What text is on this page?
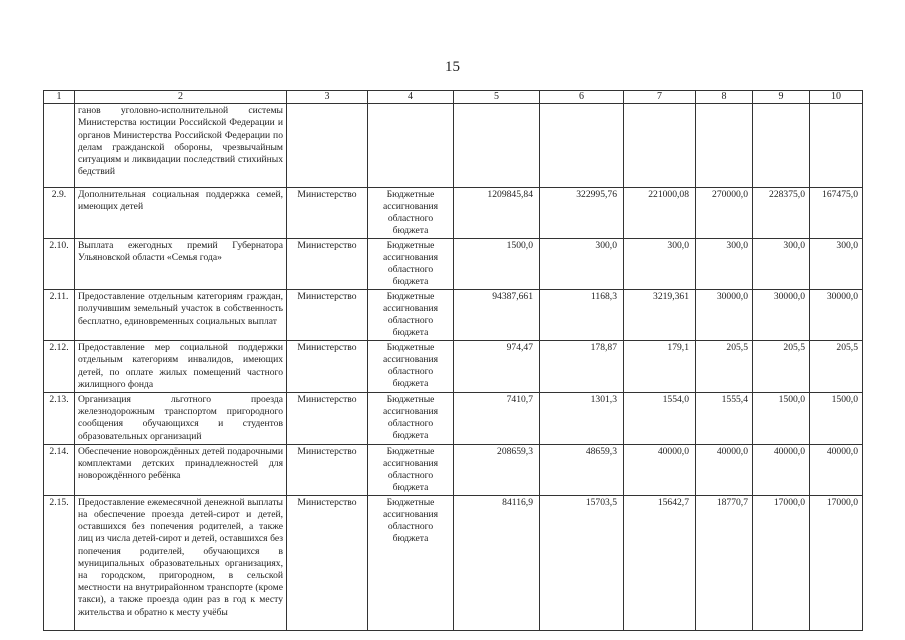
15
1	2	3	4	5	6	7	8	9	10
	ганов уголовно-исполнительной системы Министерства юстиции Российской Федерации и органов Министерства Российской Федерации по делам гражданской обороны, чрезвычайным ситуациям и ликвидации последствий стихийных бедствий								
2.9.	Дополнительная социальная поддержка семей, имеющих детей	Министерство	Бюджетные ассигнования областного бюджета	1209845,84	322995,76	221000,08	270000,0	228375,0	167475,0
2.10.	Выплата ежегодных премий Губернатора Ульяновской области «Семья года»	Министерство	Бюджетные ассигнования областного бюджета	1500,0	300,0	300,0	300,0	300,0	300,0
2.11.	Предоставление отдельным категориям граждан, получившим земельный участок в собственность бесплатно, единовременных социальных выплат	Министерство	Бюджетные ассигнования областного бюджета	94387,661	1168,3	3219,361	30000,0	30000,0	30000,0
2.12.	Предоставление мер социальной поддержки отдельным категориям инвалидов, имеющих детей, по оплате жилых помещений частного жилищного фонда	Министерство	Бюджетные ассигнования областного бюджета	974,47	178,87	179,1	205,5	205,5	205,5
2.13.	Организация льготного проезда железнодорожным транспортом пригородного сообщения обучающихся и студентов образовательных организаций	Министерство	Бюджетные ассигнования областного бюджета	7410,7	1301,3	1554,0	1555,4	1500,0	1500,0
2.14.	Обеспечение новорождённых детей подарочными комплектами детских принадлежностей для новорождённого ребёнка	Министерство	Бюджетные ассигнования областного бюджета	208659,3	48659,3	40000,0	40000,0	40000,0	40000,0
2.15.	Предоставление ежемесячной денежной выплаты на обеспечение проезда детей-сирот и детей, оставшихся без попечения родителей, а также лиц из числа детей-сирот и детей, оставшихся без попечения родителей, обучающихся в муниципальных образовательных организациях, на городском, пригородном, в сельской местности на внутрирайонном транспорте (кроме такси), а также проезда один раз в год к месту жительства и обратно к месту учёбы	Министерство	Бюджетные ассигнования областного бюджета	84116,9	15703,5	15642,7	18770,7	17000,0	17000,0
